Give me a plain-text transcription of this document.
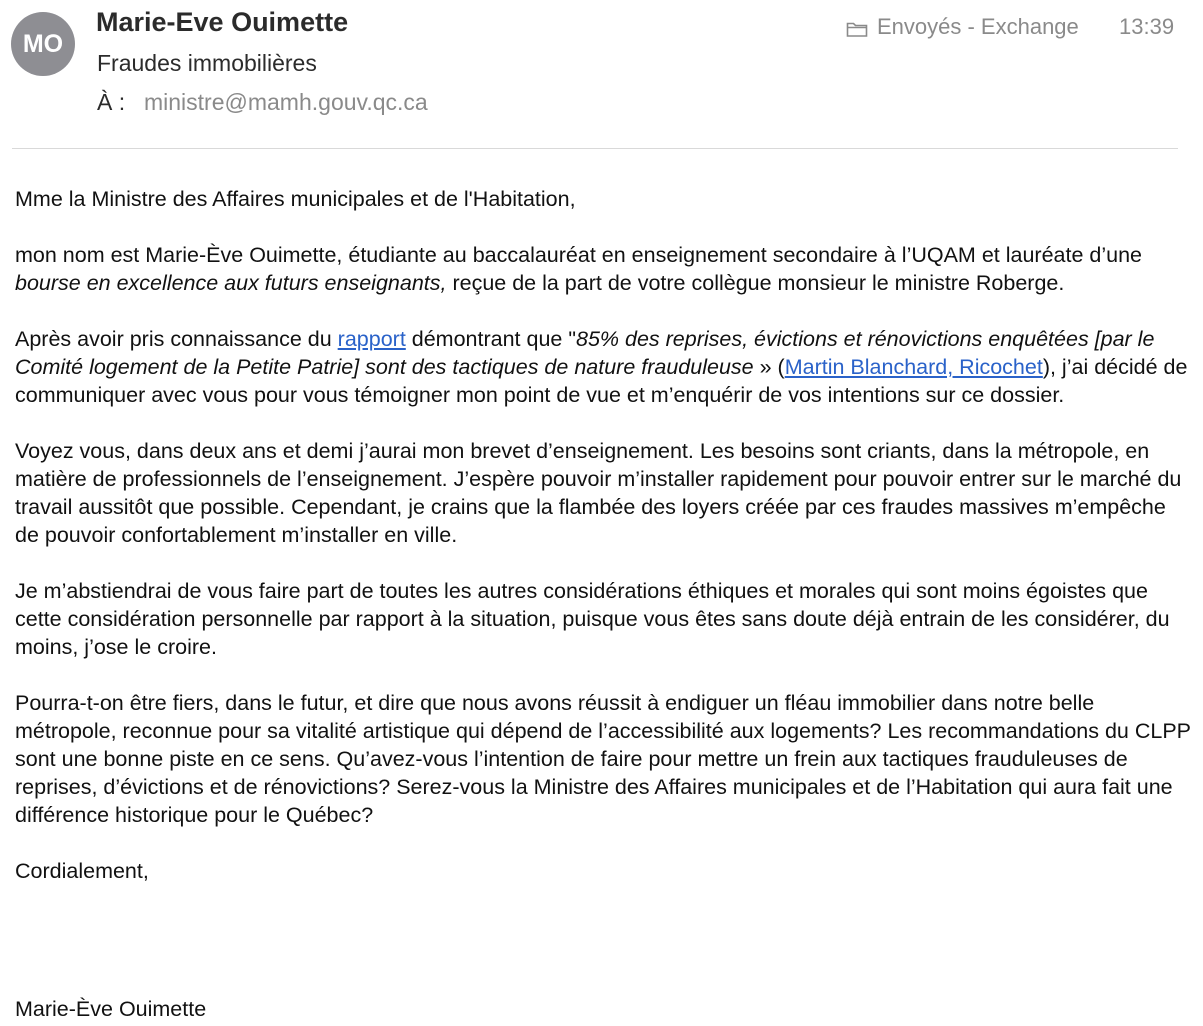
MO
Marie-Eve Ouimette
Fraudes immobilières
À : ministre@mamh.gouv.qc.ca
Envoyés - Exchange 13:39

Mme la Ministre des Affaires municipales et de l'Habitation,

mon nom est Marie-Ève Ouimette, étudiante au baccalauréat en enseignement secondaire à l’UQAM et lauréate d’une bourse en excellence aux futurs enseignants, reçue de la part de votre collègue monsieur le ministre Roberge.

Après avoir pris connaissance du rapport démontrant que "85% des reprises, évictions et rénovictions enquêtées [par le Comité logement de la Petite Patrie] sont des tactiques de nature frauduleuse » (Martin Blanchard, Ricochet), j’ai décidé de communiquer avec vous pour vous témoigner mon point de vue et m’enquérir de vos intentions sur ce dossier.

Voyez vous, dans deux ans et demi j’aurai mon brevet d’enseignement. Les besoins sont criants, dans la métropole, en matière de professionnels de l’enseignement. J’espère pouvoir m’installer rapidement pour pouvoir entrer sur le marché du travail aussitôt que possible. Cependant, je crains que la flambée des loyers créée par ces fraudes massives m’empêche de pouvoir confortablement m’installer en ville.

Je m’abstiendrai de vous faire part de toutes les autres considérations éthiques et morales qui sont moins égoistes que cette considération personnelle par rapport à la situation, puisque vous êtes sans doute déjà entrain de les considérer, du moins, j’ose le croire.

Pourra-t-on être fiers, dans le futur, et dire que nous avons réussit à endiguer un fléau immobilier dans notre belle métropole, reconnue pour sa vitalité artistique qui dépend de l’accessibilité aux logements? Les recommandations du CLPP sont une bonne piste en ce sens. Qu’avez-vous l’intention de faire pour mettre un frein aux tactiques frauduleuses de reprises, d’évictions et de rénovictions? Serez-vous la Ministre des Affaires municipales et de l’Habitation qui aura fait une différence historique pour le Québec?

Cordialement,

Marie-Ève Ouimette
